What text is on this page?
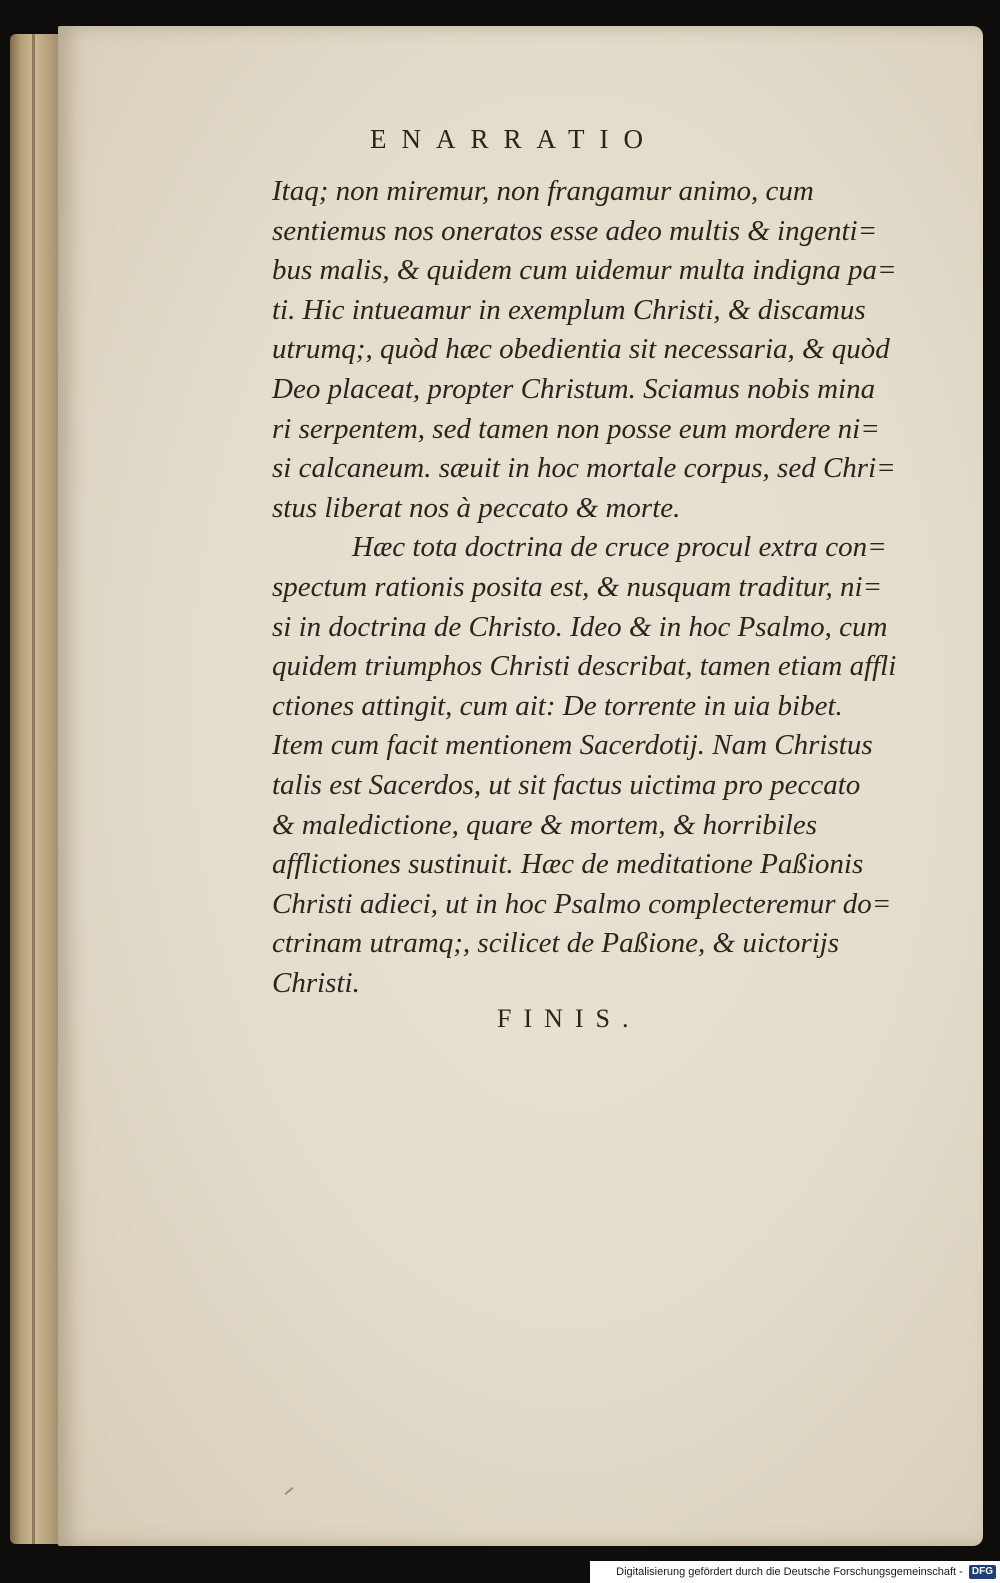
ENARRATIO
Itaq; non miremur, non frangamur animo, cum
sentiemus nos oneratos esse adeo multis & ingenti=
bus malis, & quidem cum uidemur multa indigna pa=
ti. Hic intueamur in exemplum Christi, & discamus
utrumq;, quòd hæc obedientia sit necessaria, & quòd
Deo placeat, propter Christum. Sciamus nobis mina
ri serpentem, sed tamen non posse eum mordere ni=
si calcaneum. sæuit in hoc mortale corpus, sed Chri=
stus liberat nos à peccato & morte.
Hæc tota doctrina de cruce procul extra con=
spectum rationis posita est, & nusquam traditur, ni=
si in doctrina de Christo. Ideo & in hoc Psalmo, cum
quidem triumphos Christi describat, tamen etiam affli
ctiones attingit, cum ait: De torrente in uia bibet.
Item cum facit mentionem Sacerdotij. Nam Christus
talis est Sacerdos, ut sit factus uictima pro peccato
& maledictione, quare & mortem, & horribiles
afflictiones sustinuit. Hæc de meditatione Paßionis
Christi adieci, ut in hoc Psalmo complecteremur do=
ctrinam utramq;, scilicet de Paßione, & uictorijs
Christi.
FINIS.
Digitalisierung gefördert durch die Deutsche Forschungsgemeinschaft - DFG
